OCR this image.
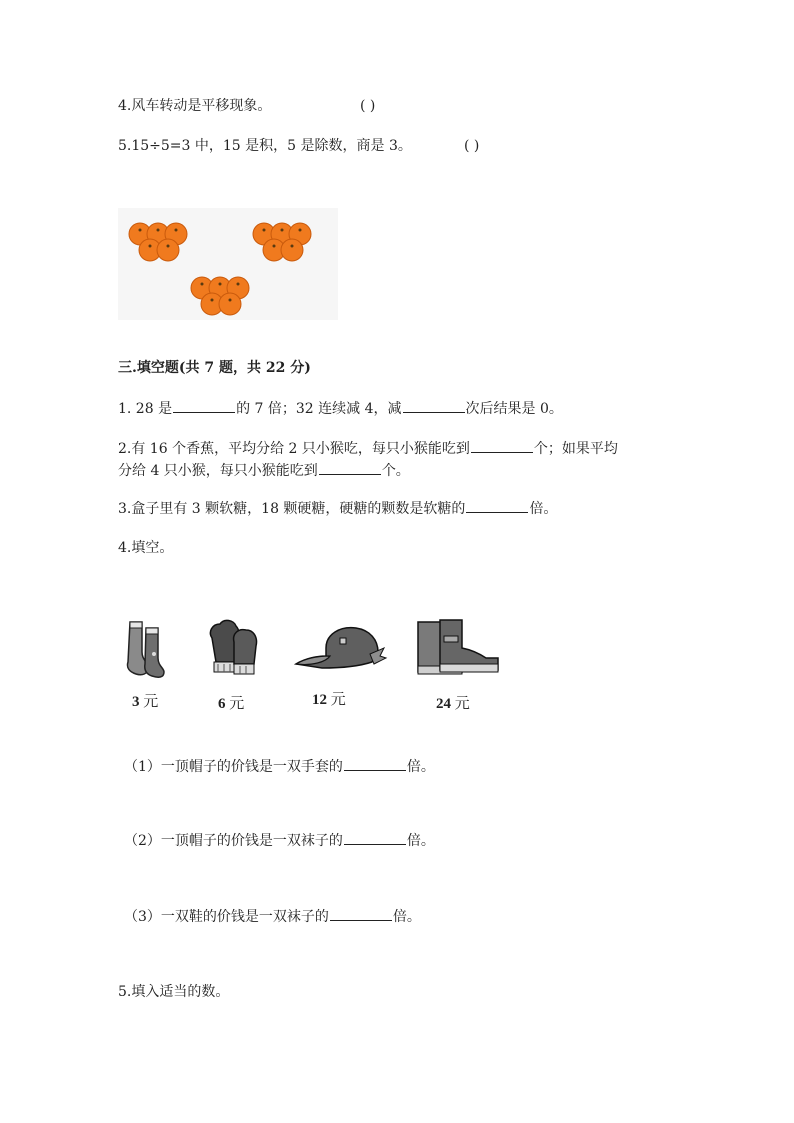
4.风车转动是平移现象。	( )
5.15÷5=3 中，15 是积，5 是除数，商是 3。	( )
三.填空题(共 7 题，共 22 分)
1. 28 是	的 7 倍；32 连续减 4，减	次后结果是 0。
2.有 16 个香蕉，平均分给 2 只小猴吃，每只小猴能吃到	个；如果平均
分给 4 只小猴，每只小猴能吃到	个。
3.盒子里有 3 颗软糖，18 颗硬糖，硬糖的颗数是软糖的	倍。
4.填空。
3 元	6 元	12 元	24 元
（1）一顶帽子的价钱是一双手套的	倍。
（2）一顶帽子的价钱是一双袜子的	倍。
（3）一双鞋的价钱是一双袜子的	倍。
5.填入适当的数。
